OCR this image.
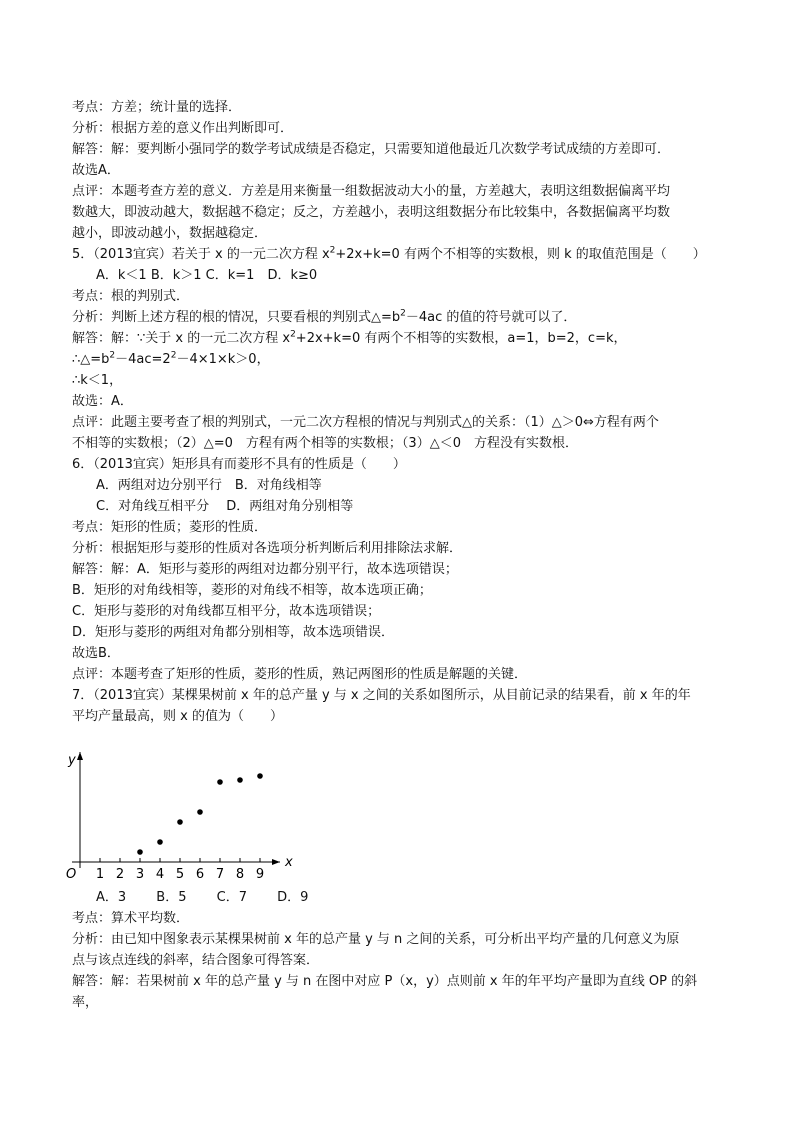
考点：方差；统计量的选择．
分析：根据方差的意义作出判断即可．
解答：解：要判断小强同学的数学考试成绩是否稳定，只需要知道他最近几次数学考试成绩的方差即可．
故选A．
点评：本题考查方差的意义．方差是用来衡量一组数据波动大小的量，方差越大，表明这组数据偏离平均
数越大，即波动越大，数据越不稳定；反之，方差越小，表明这组数据分布比较集中，各数据偏离平均数
越小，即波动越小，数据越稳定．
5．（2013宜宾）若关于 x 的一元二次方程 $x^2+2x+k=0$ 有两个不相等的实数根，则 k 的取值范围是（　　）
A．k＜1 B．k＞1 C．k=1　D．k≥0
考点：根的判别式．
分析：判断上述方程的根的情况，只要看根的判别式$\triangle=b^2-4ac$ 的值的符号就可以了．
解答：解：∵关于 x 的一元二次方程 $x^2+2x+k=0$ 有两个不相等的实数根，a=1，b=2，c=k，
$\therefore\triangle=b^2-4ac=2^2-4\times 1\times k>0$，
∴k＜1，
故选：A．
点评：此题主要考查了根的判别式，一元二次方程根的情况与判别式△的关系：（1）△＞0⇔方程有两个
不相等的实数根；（2）△=0　方程有两个相等的实数根；（3）△＜0　方程没有实数根．
6．（2013宜宾）矩形具有而菱形不具有的性质是（　　）
A．两组对边分别平行　B．对角线相等
C．对角线互相平分　 D．两组对角分别相等
考点：矩形的性质；菱形的性质．
分析：根据矩形与菱形的性质对各选项分析判断后利用排除法求解．
解答：解：A．矩形与菱形的两组对边都分别平行，故本选项错误；
B．矩形的对角线相等，菱形的对角线不相等，故本选项正确；
C．矩形与菱形的对角线都互相平分，故本选项错误；
D．矩形与菱形的两组对角都分别相等，故本选项错误．
故选B．
点评：本题考查了矩形的性质，菱形的性质，熟记两图形的性质是解题的关键．
7．（2013宜宾）某棵果树前 x 年的总产量 y 与 x 之间的关系如图所示，从目前记录的结果看，前 x 年的年
平均产量最高，则 x 的值为（　　）
1 2 3 4 5 6 7 8 9
x
y
O
A．3　 　B．5　 　C．7　 　D．9
考点：算术平均数．
分析：由已知中图象表示某棵果树前 x 年的总产量 y 与 n 之间的关系，可分析出平均产量的几何意义为原
点与该点连线的斜率，结合图象可得答案．
解答：解：若果树前 x 年的总产量 y 与 n 在图中对应 P（x，y）点则前 x 年的年平均产量即为直线 OP 的斜
率，
